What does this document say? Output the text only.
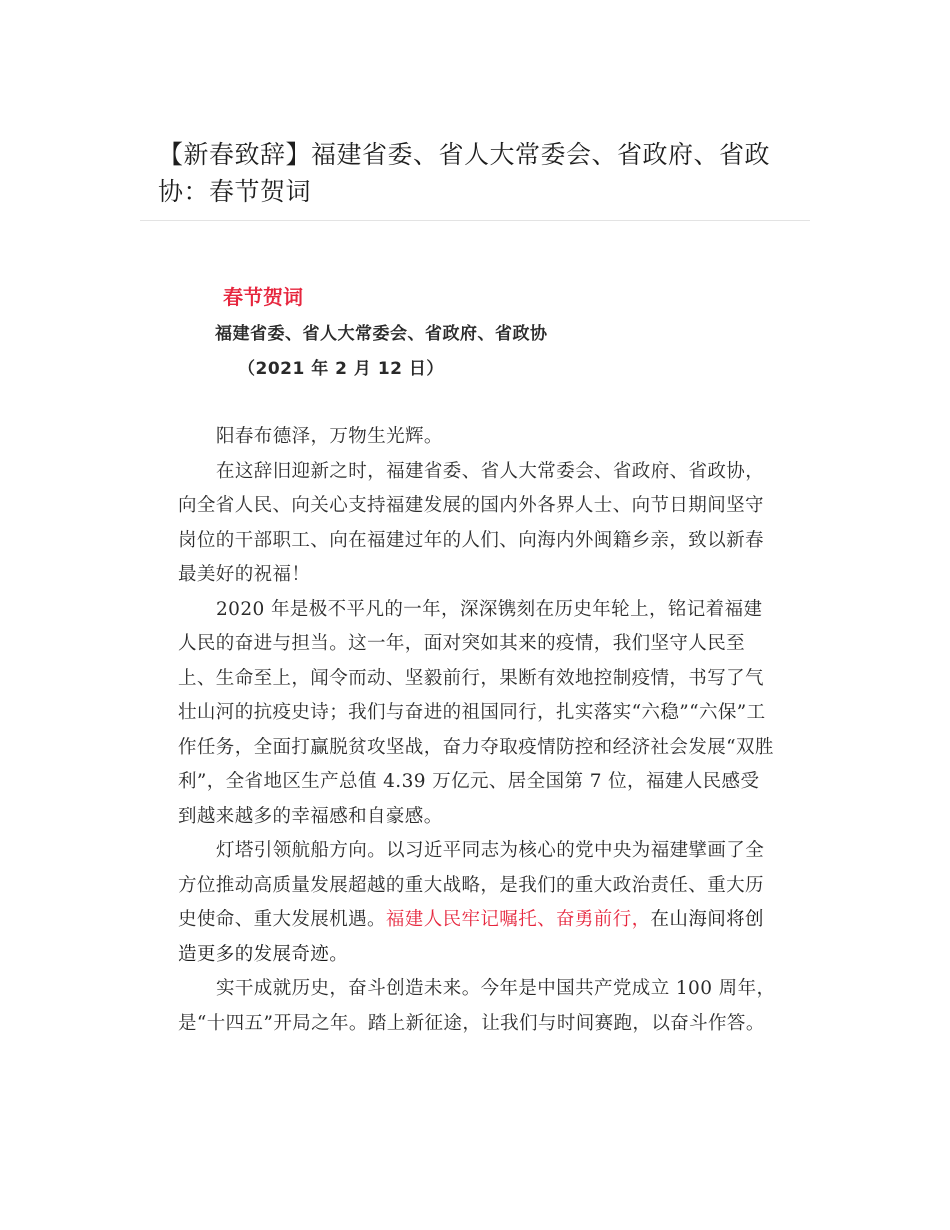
【新春致辞】福建省委、省人大常委会、省政府、省政协：春节贺词
春节贺词
福建省委、省人大常委会、省政府、省政协
（2021 年 2 月 12 日）

阳春布德泽，万物生光辉。

在这辞旧迎新之时，福建省委、省人大常委会、省政府、省政协，向全省人民、向关心支持福建发展的国内外各界人士、向节日期间坚守岗位的干部职工、向在福建过年的人们、向海内外闽籍乡亲，致以新春最美好的祝福！

2020 年是极不平凡的一年，深深镌刻在历史年轮上，铭记着福建人民的奋进与担当。这一年，面对突如其来的疫情，我们坚守人民至上、生命至上，闻令而动、坚毅前行，果断有效地控制疫情，书写了气壮山河的抗疫史诗；我们与奋进的祖国同行，扎实落实“六稳”“六保”工作任务，全面打赢脱贫攻坚战，奋力夺取疫情防控和经济社会发展“双胜利”，全省地区生产总值 4.39 万亿元、居全国第 7 位，福建人民感受到越来越多的幸福感和自豪感。

灯塔引领航船方向。以习近平同志为核心的党中央为福建擘画了全方位推动高质量发展超越的重大战略，是我们的重大政治责任、重大历史使命、重大发展机遇。福建人民牢记嘱托、奋勇前行，在山海间将创造更多的发展奇迹。

实干成就历史，奋斗创造未来。今年是中国共产党成立 100 周年，是“十四五”开局之年。踏上新征途，让我们与时间赛跑，以奋斗作答。
